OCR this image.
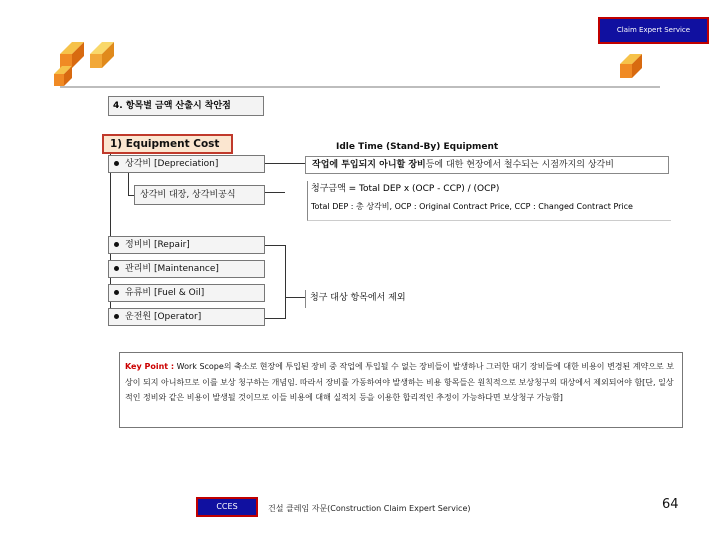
Claim Expert Service
4. 항목별 금액 산출시 착안점
1) Equipment Cost	Idle Time (Stand-By) Equipment
상각비 [Depreciation]	작업에 투입되지 아니할 장비등에 대한 현장에서 철수되는 시점까지의 상각비
상각비 대장, 상각비공식
청구금액 = Total DEP x (OCP - CCP) / (OCP)
Total DEP : 총 상각비, OCP : Original Contract Price, CCP : Changed Contract Price
정비비 [Repair]
관리비 [Maintenance]
유류비 [Fuel & Oil]
운전원 [Operator]
청구 대상 항목에서 제외
Key Point : Work Scope의 축소로 현장에 투입된 장비 중 작업에 투입될 수 없는 장비들이 발생하나 그러한 대기 장비들에 대한 비용이 변경된 계약으로 보상이 되지 아니하므로 이를 보상 청구하는 개념임. 따라서 장비를 가동하여야 발생하는 비용 항목들은 원칙적으로 보상청구의 대상에서 제외되어야 함[단, 일상적인 정비와 같은 비용이 발생될 것이므로 이들 비용에 대해 실적치 등을 이용한 합리적인 추정이 가능하다면 보상청구 가능함]
CCES	건설 클레임 자문(Construction Claim Expert Service)	64
